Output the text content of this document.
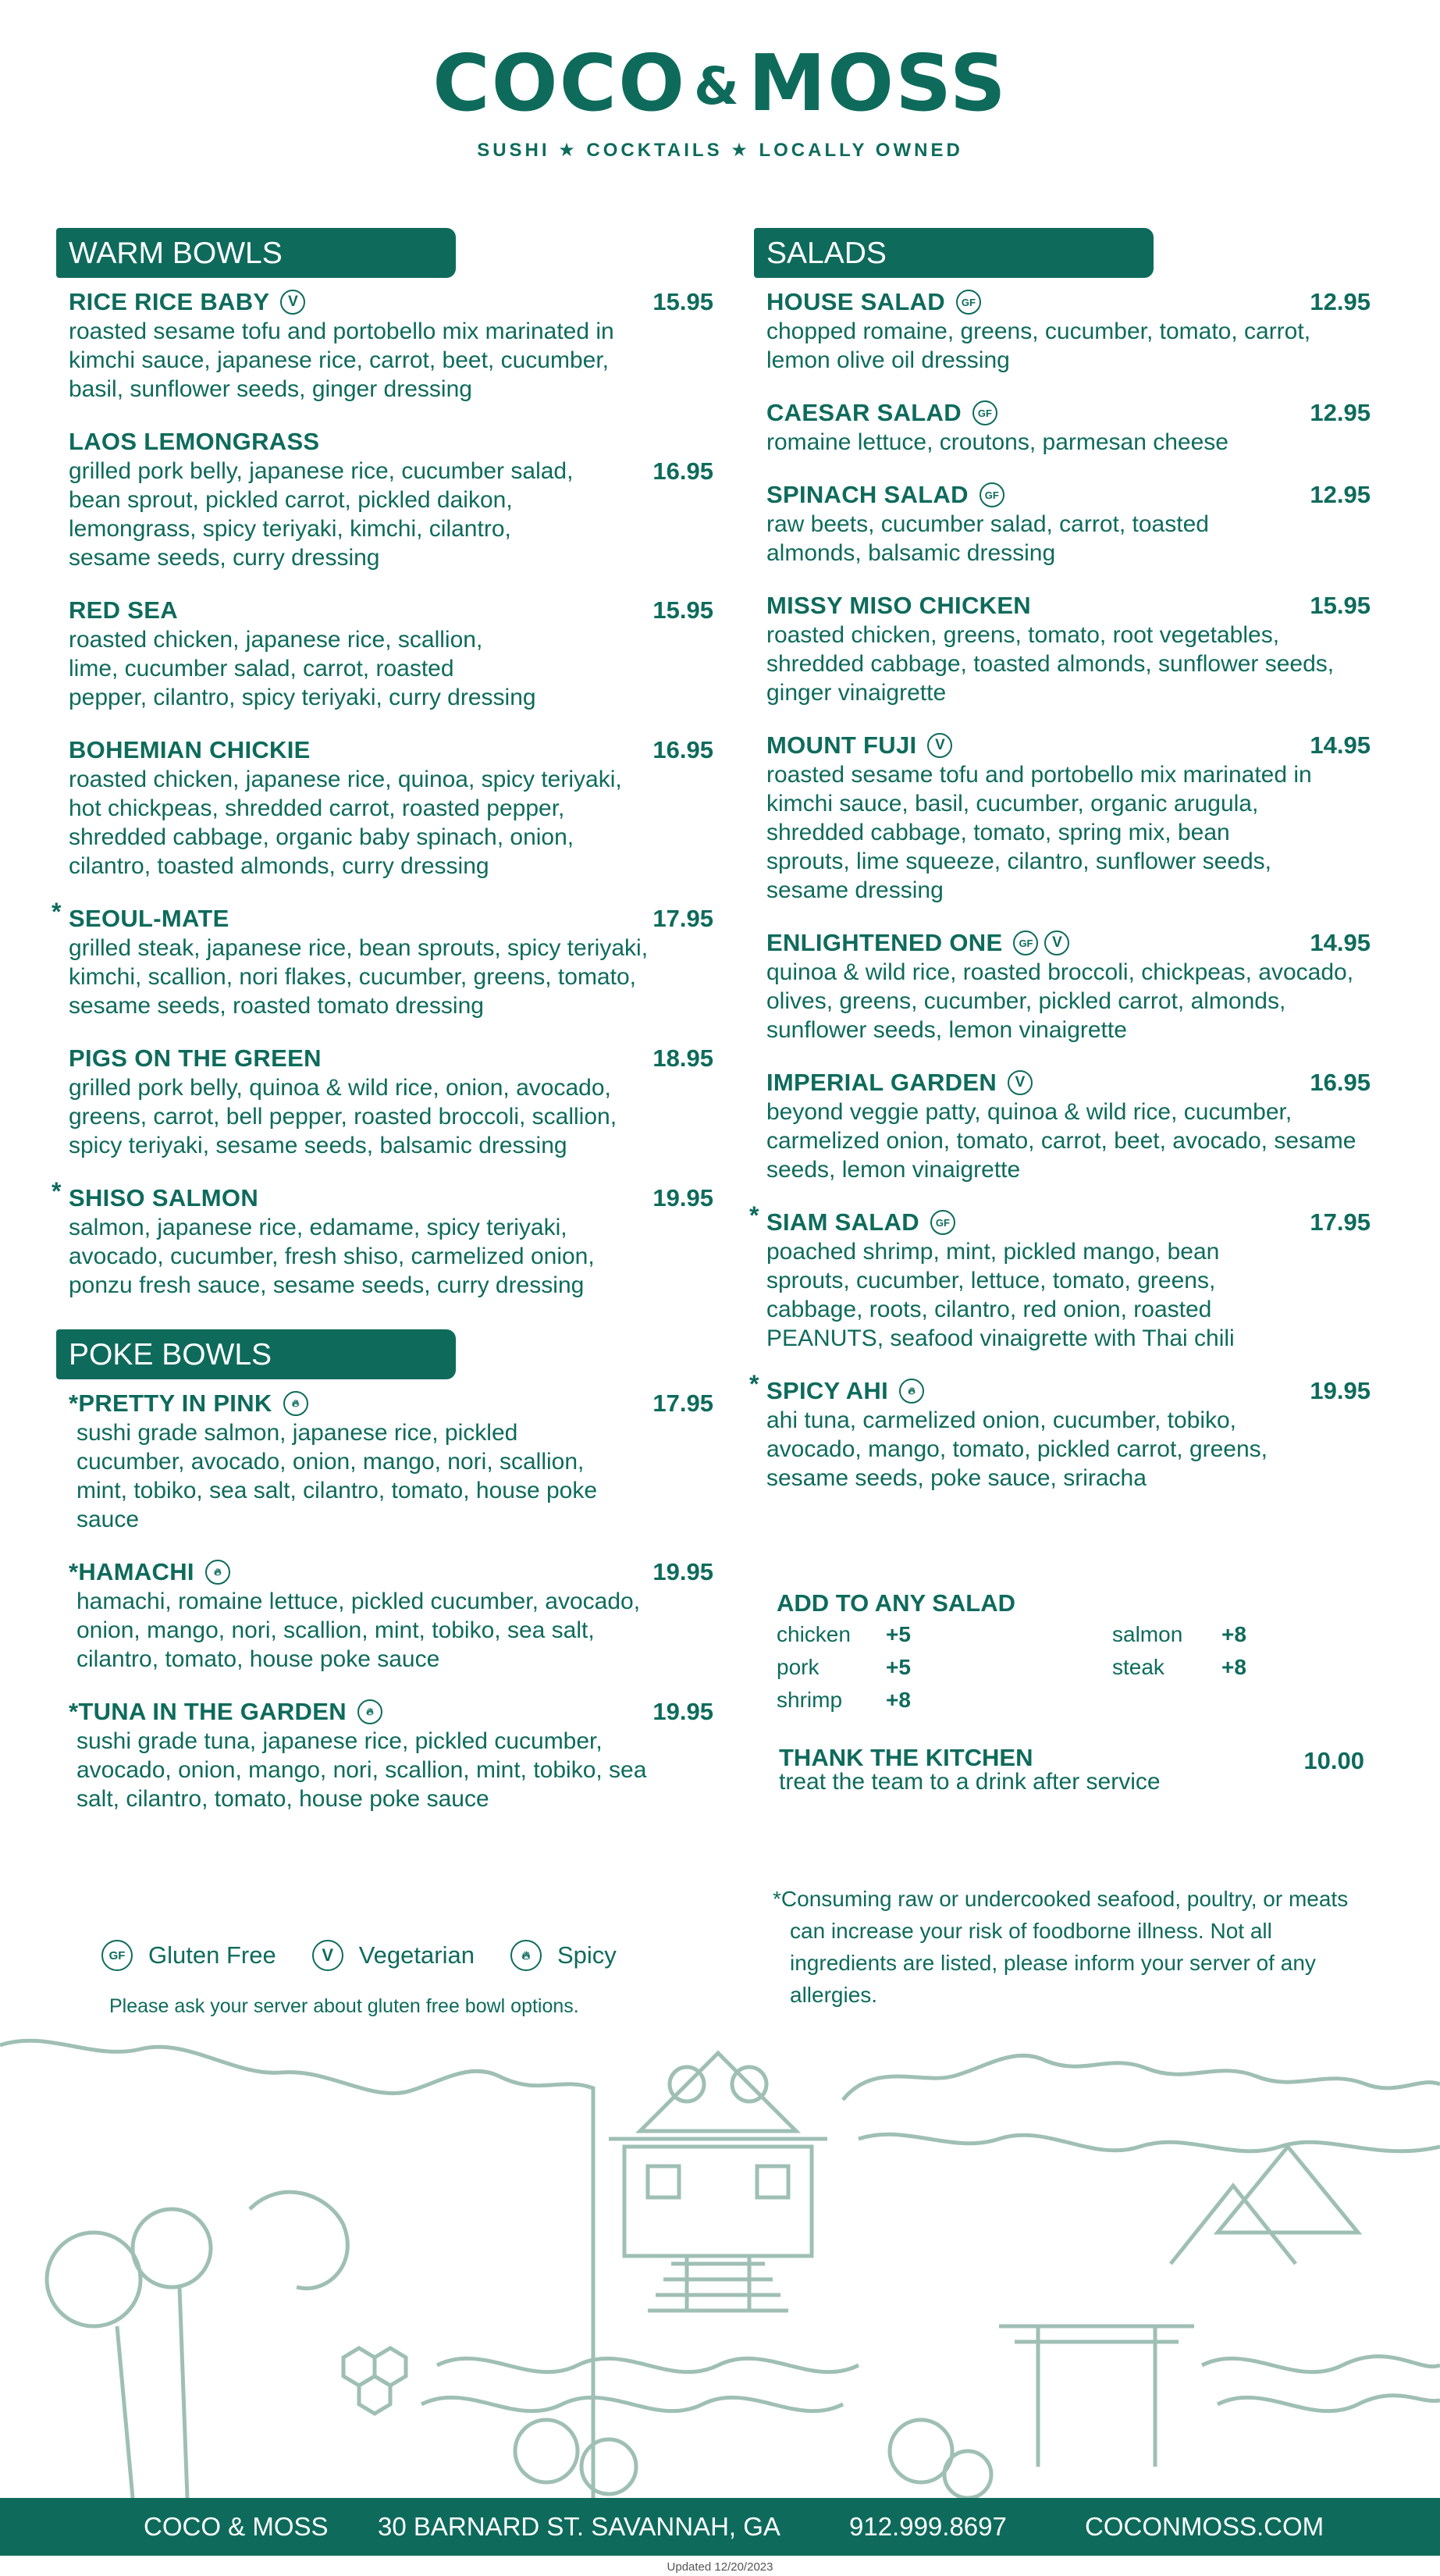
COCO & MOSS
SUSHI ★ COCKTAILS ★ LOCALLY OWNED
WARM BOWLS
RICE RICE BABY	V	15.95
roasted sesame tofu and portobello mix marinated in kimchi sauce, japanese rice, carrot, beet, cucumber, basil, sunflower seeds, ginger dressing
LAOS LEMONGRASS
16.95
grilled pork belly, japanese rice, cucumber salad, bean sprout, pickled carrot, pickled daikon, lemongrass, spicy teriyaki, kimchi, cilantro, sesame seeds, curry dressing
RED SEA	15.95
roasted chicken, japanese rice, scallion, lime, cucumber salad, carrot, roasted pepper, cilantro, spicy teriyaki, curry dressing
BOHEMIAN CHICKIE	16.95
roasted chicken, japanese rice, quinoa, spicy teriyaki, hot chickpeas, shredded carrot, roasted pepper, shredded cabbage, organic baby spinach, onion, cilantro, toasted almonds, curry dressing
* SEOUL-MATE	17.95
grilled steak, japanese rice, bean sprouts, spicy teriyaki, kimchi, scallion, nori flakes, cucumber, greens, tomato, sesame seeds, roasted tomato dressing
PIGS ON THE GREEN	18.95
grilled pork belly, quinoa & wild rice, onion, avocado, greens, carrot, bell pepper, roasted broccoli, scallion, spicy teriyaki, sesame seeds, balsamic dressing
* SHISO SALMON	19.95
salmon, japanese rice, edamame, spicy teriyaki, avocado, cucumber, fresh shiso, carmelized onion, ponzu fresh sauce, sesame seeds, curry dressing
POKE BOWLS
*PRETTY IN PINK	🔥︎	17.95
sushi grade salmon, japanese rice, pickled cucumber, avocado, onion, mango, nori, scallion, mint, tobiko, sea salt, cilantro, tomato, house poke sauce
*HAMACHI	🔥︎	19.95
hamachi, romaine lettuce, pickled cucumber, avocado, onion, mango, nori, scallion, mint, tobiko, sea salt, cilantro, tomato, house poke sauce
*TUNA IN THE GARDEN	🔥︎	19.95
sushi grade tuna, japanese rice, pickled cucumber, avocado, onion, mango, nori, scallion, mint, tobiko, sea salt, cilantro, tomato, house poke sauce
SALADS
HOUSE SALAD	GF	12.95
chopped romaine, greens, cucumber, tomato, carrot, lemon olive oil dressing
CAESAR SALAD	GF	12.95
romaine lettuce, croutons, parmesan cheese
SPINACH SALAD	GF	12.95
raw beets, cucumber salad, carrot, toasted almonds, balsamic dressing
MISSY MISO CHICKEN	15.95
roasted chicken, greens, tomato, root vegetables, shredded cabbage, toasted almonds, sunflower seeds, ginger vinaigrette
MOUNT FUJI	V	14.95
roasted sesame tofu and portobello mix marinated in kimchi sauce, basil, cucumber, organic arugula, shredded cabbage, tomato, spring mix, bean sprouts, lime squeeze, cilantro, sunflower seeds, sesame dressing
ENLIGHTENED ONE	GF	V	14.95
quinoa & wild rice, roasted broccoli, chickpeas, avocado, olives, greens, cucumber, pickled carrot, almonds, sunflower seeds, lemon vinaigrette
IMPERIAL GARDEN	V	16.95
beyond veggie patty, quinoa & wild rice, cucumber, carmelized onion, tomato, carrot, beet, avocado, sesame seeds, lemon vinaigrette
* SIAM SALAD	GF	17.95
poached shrimp, mint, pickled mango, bean sprouts, cucumber, lettuce, tomato, greens, cabbage, roots, cilantro, red onion, roasted PEANUTS, seafood vinaigrette with Thai chili
* SPICY AHI	🔥︎	19.95
ahi tuna, carmelized onion, cucumber, tobiko, avocado, mango, tomato, pickled carrot, greens, sesame seeds, poke sauce, sriracha
ADD TO ANY SALAD
chicken +5
pork	+5
shrimp +8
salmon +8
steak	+8
THANK THE KITCHEN
treat the team to a drink after service
10.00

*Consuming raw or undercooked seafood, poultry, or meats can increase your risk of foodborne illness. Not all ingredients are listed, please inform your server of any allergies.

GF Gluten Free	V	Vegetarian	🔥︎	Spicy
Please ask your server about gluten free bowl options.
COCO & MOSS 30 BARNARD ST. SAVANNAH, GA	912.999.8697	COCONMOSS.COM
Updated 12/20/2023
